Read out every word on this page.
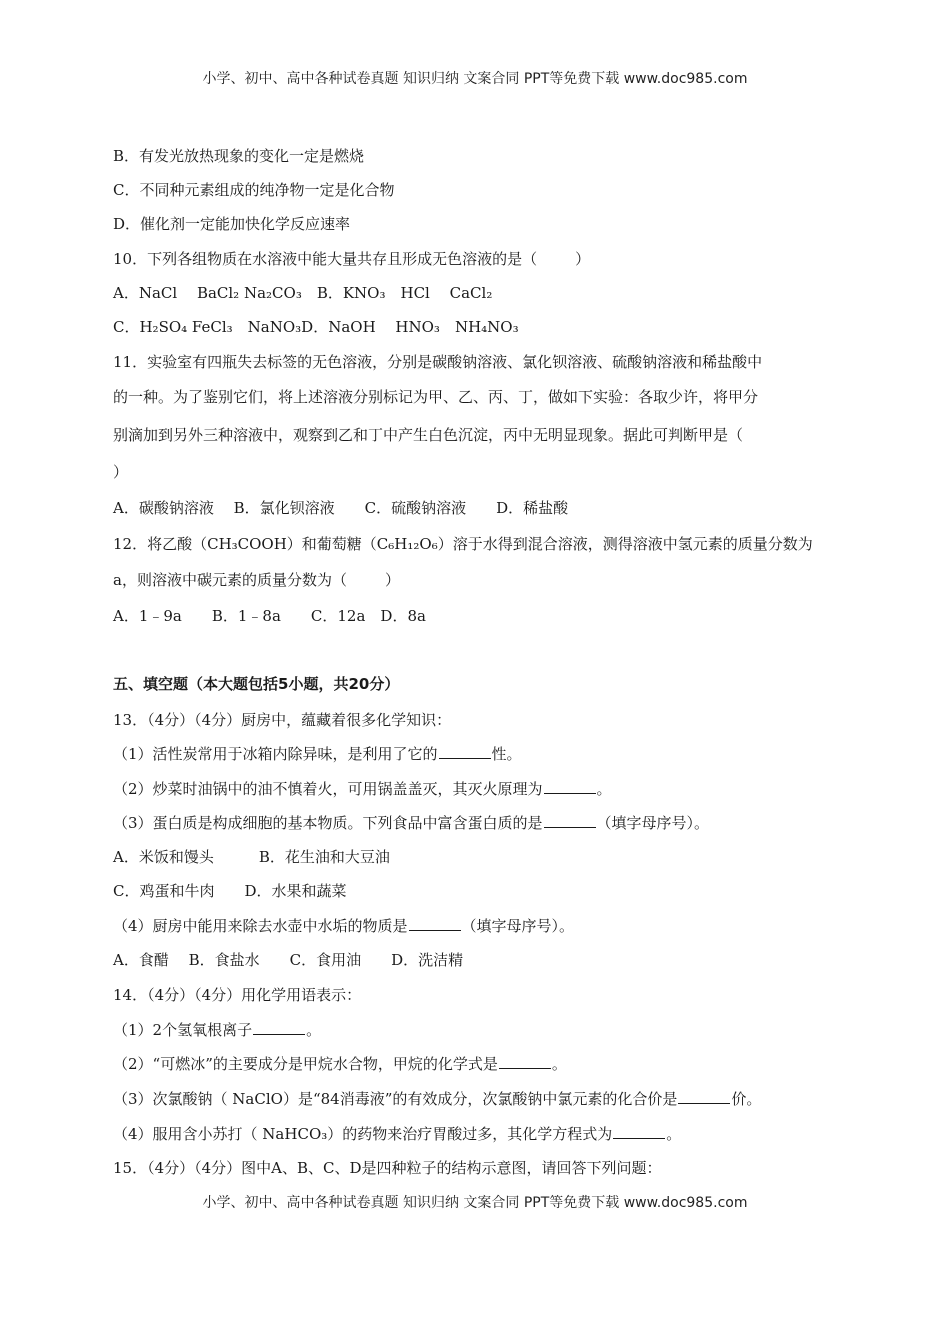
小学、初中、高中各种试卷真题 知识归纳 文案合同 PPT等免费下载 www.doc985.com
B．有发光放热现象的变化一定是燃烧
C．不同种元素组成的纯净物一定是化合物
D．催化剂一定能加快化学反应速率
10．下列各组物质在水溶液中能大量共存且形成无色溶液的是（	）
A．NaCl　 BaCl₂ Na₂CO₃　B．KNO₃　HCl　 CaCl₂
C．H₂SO₄ FeCl₃　NaNO₃D．NaOH　 HNO₃　NH₄NO₃
11．实验室有四瓶失去标签的无色溶液，分别是碳酸钠溶液、氯化钡溶液、硫酸钠溶液和稀盐酸中
的一种。为了鉴别它们，将上述溶液分别标记为甲、乙、丙、丁，做如下实验：各取少许，将甲分
别滴加到另外三种溶液中，观察到乙和丁中产生白色沉淀，丙中无明显现象。据此可判断甲是（
）
A．碳酸钠溶液　 B．氯化钡溶液　　C．硫酸钠溶液　　D．稀盐酸
12．将乙酸（CH₃COOH）和葡萄糖（C₆H₁₂O₆）溶于水得到混合溶液，测得溶液中氢元素的质量分数为
a，则溶液中碳元素的质量分数为（	）
A．1﹣9a　　B．1﹣8a　　C．12a　D．8a
五、填空题（本大题包括5小题，共20分）
13．（4分）（4分）厨房中，蕴藏着很多化学知识：
（1）活性炭常用于冰箱内除异味，是利用了它的	性。
（2）炒菜时油锅中的油不慎着火，可用锅盖盖灭，其灭火原理为	。
（3）蛋白质是构成细胞的基本物质。下列食品中富含蛋白质的是	（填字母序号）。
A．米饭和馒头　　　B．花生油和大豆油
C．鸡蛋和牛肉　　D．水果和蔬菜
（4）厨房中能用来除去水壶中水垢的物质是	（填字母序号）。
A．食醋　 B．食盐水　　C．食用油　　D．洗洁精
14．（4分）（4分）用化学用语表示：
（1）2个氢氧根离子	。
（2）“可燃冰”的主要成分是甲烷水合物，甲烷的化学式是	。
（3）次氯酸钠（ NaClO）是“84消毒液”的有效成分，次氯酸钠中氯元素的化合价是	价。
（4）服用含小苏打（ NaHCO₃）的药物来治疗胃酸过多，其化学方程式为	。
15．（4分）（4分）图中A、B、C、D是四种粒子的结构示意图，请回答下列问题：
小学、初中、高中各种试卷真题 知识归纳 文案合同 PPT等免费下载 www.doc985.com
